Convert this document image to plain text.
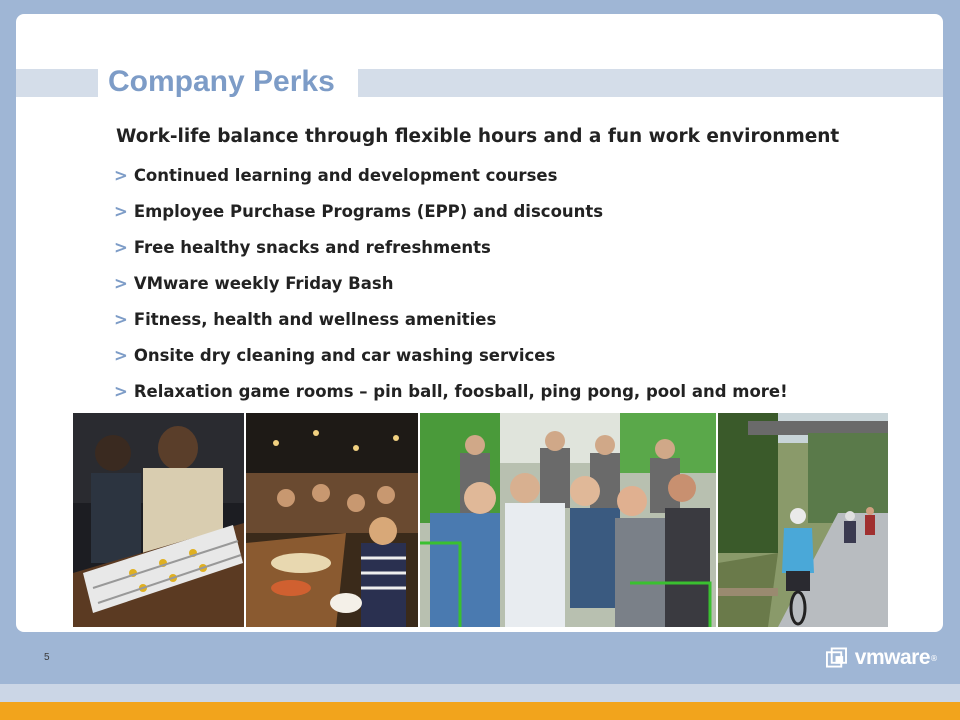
Company Perks
Work-life balance through flexible hours and a fun work environment
> Continued learning and development courses
> Employee Purchase Programs (EPP) and discounts
> Free healthy snacks and refreshments
> VMware weekly Friday Bash
> Fitness, health and wellness amenities
> Onsite dry cleaning and car washing services
> Relaxation game rooms – pin ball, foosball, ping pong, pool and more!
5	vmware ®
